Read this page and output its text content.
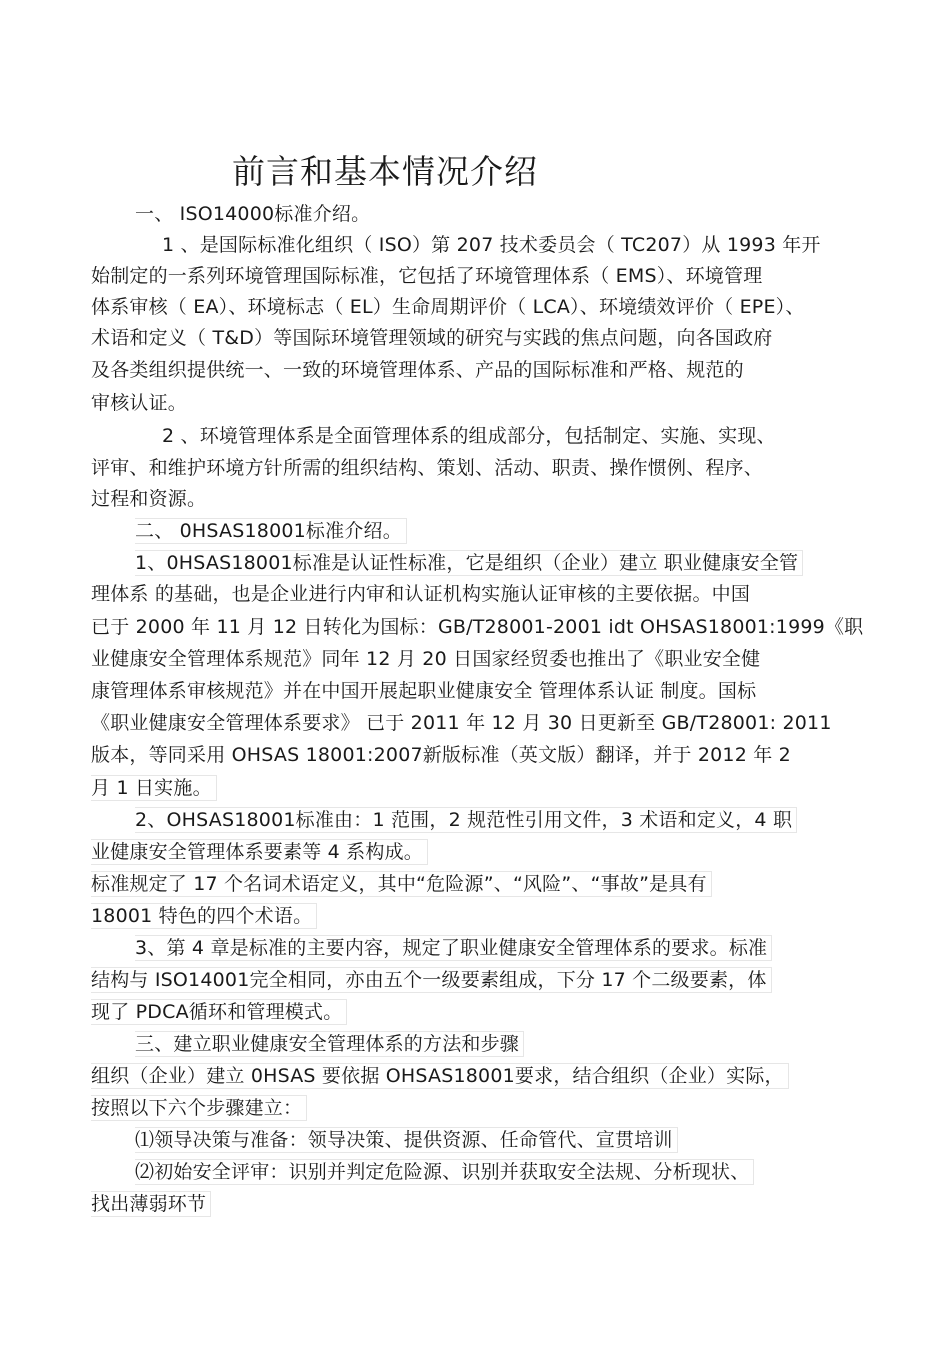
前言和基本情况介绍
一、 ISO14000标准介绍。
1 、是国际标准化组织（ ISO）第 207 技术委员会（ TC207）从 1993 年开
始制定的一系列环境管理国际标准，它包括了环境管理体系（ EMS）、环境管理
体系审核（ EA）、环境标志（ EL）生命周期评价（ LCA）、环境绩效评价（ EPE）、
术语和定义（ T&D）等国际环境管理领域的研究与实践的焦点问题，向各国政府
及各类组织提供统一、一致的环境管理体系、产品的国际标准和严格、规范的
审核认证。
2 、环境管理体系是全面管理体系的组成部分，包括制定、实施、实现、
评审、和维护环境方针所需的组织结构、策划、活动、职责、操作惯例、程序、
过程和资源。
二、 0HSAS18001标准介绍。
1、0HSAS18001标准是认证性标准，它是组织（企业）建立 职业健康安全管
理体系 的基础，也是企业进行内审和认证机构实施认证审核的主要依据。中国
已于 2000 年 11 月 12 日转化为国标：GB/T28001-2001 idt OHSAS18001:1999《职
业健康安全管理体系规范》同年 12 月 20 日国家经贸委也推出了《职业安全健
康管理体系审核规范》并在中国开展起职业健康安全 管理体系认证 制度。国标
《职业健康安全管理体系要求》 已于 2011 年 12 月 30 日更新至 GB/T28001: 2011
版本，等同采用 OHSAS 18001:2007新版标准（英文版）翻译，并于 2012 年 2
月 1 日实施。
2、OHSAS18001标准由：1 范围，2 规范性引用文件，3 术语和定义，4 职
业健康安全管理体系要素等 4 系构成。
标准规定了 17 个名词术语定义，其中“危险源”、“风险”、“事故”是具有
18001 特色的四个术语。
3、第 4 章是标准的主要内容，规定了职业健康安全管理体系的要求。标准
结构与 ISO14001完全相同，亦由五个一级要素组成，下分 17 个二级要素，体
现了 PDCA循环和管理模式。
三、建立职业健康安全管理体系的方法和步骤
组织（企业）建立 0HSAS 要依据 OHSAS18001要求，结合组织（企业）实际，
按照以下六个步骤建立：
⑴领导决策与准备：领导决策、提供资源、任命管代、宣贯培训
⑵初始安全评审：识别并判定危险源、识别并获取安全法规、分析现状、
找出薄弱环节
